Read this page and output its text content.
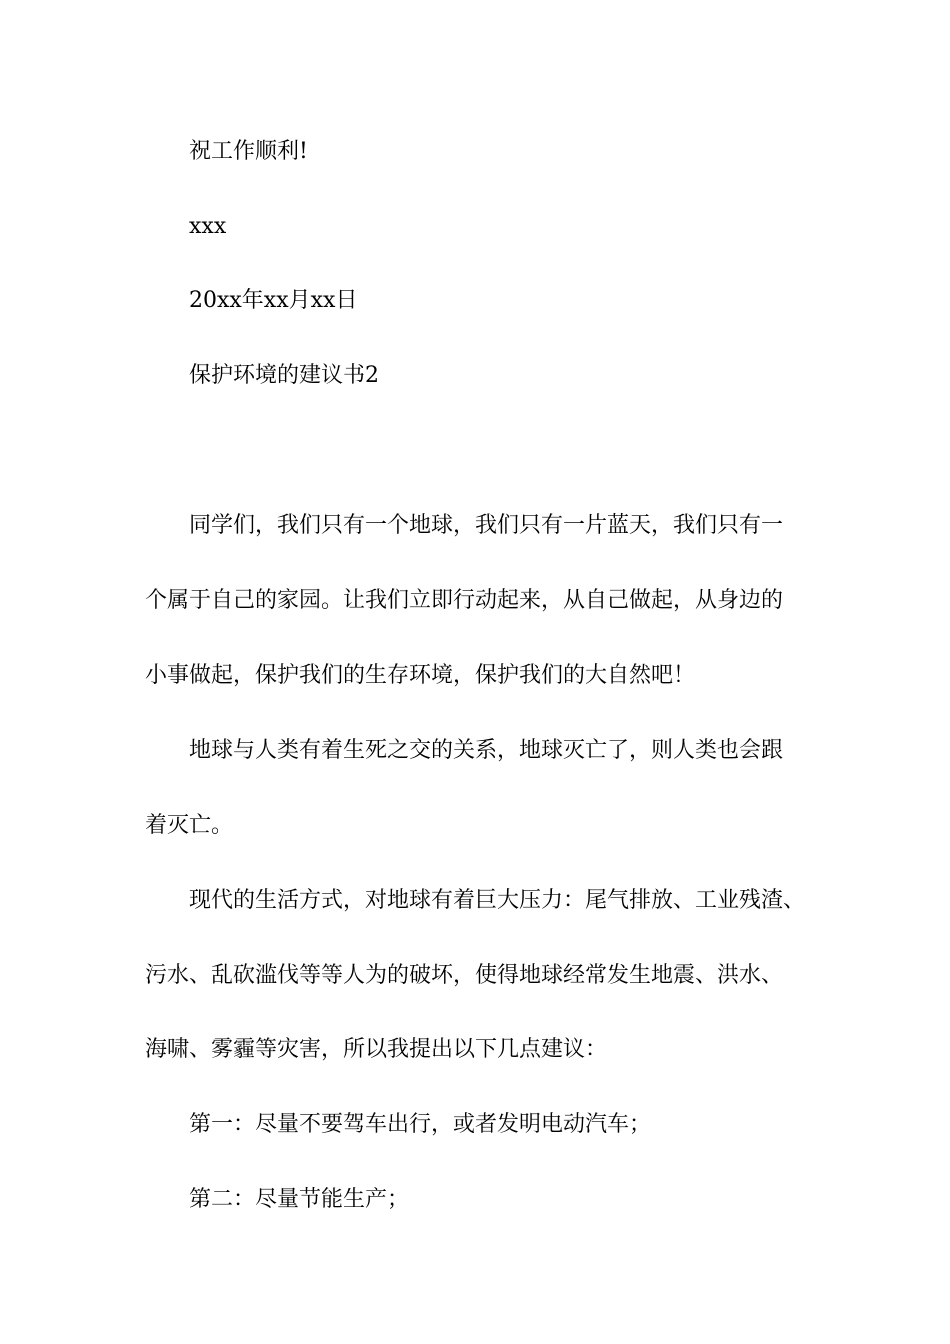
祝工作顺利!
xxx
20xx年xx月xx日
保护环境的建议书2
同学们，我们只有一个地球，我们只有一片蓝天，我们只有一
个属于自己的家园。让我们立即行动起来，从自己做起，从身边的
小事做起，保护我们的生存环境，保护我们的大自然吧！
地球与人类有着生死之交的关系，地球灭亡了，则人类也会跟
着灭亡。
现代的生活方式，对地球有着巨大压力：尾气排放、工业残渣、
污水、乱砍滥伐等等人为的破坏，使得地球经常发生地震、洪水、
海啸、雾霾等灾害，所以我提出以下几点建议：
第一：尽量不要驾车出行，或者发明电动汽车；
第二：尽量节能生产；
